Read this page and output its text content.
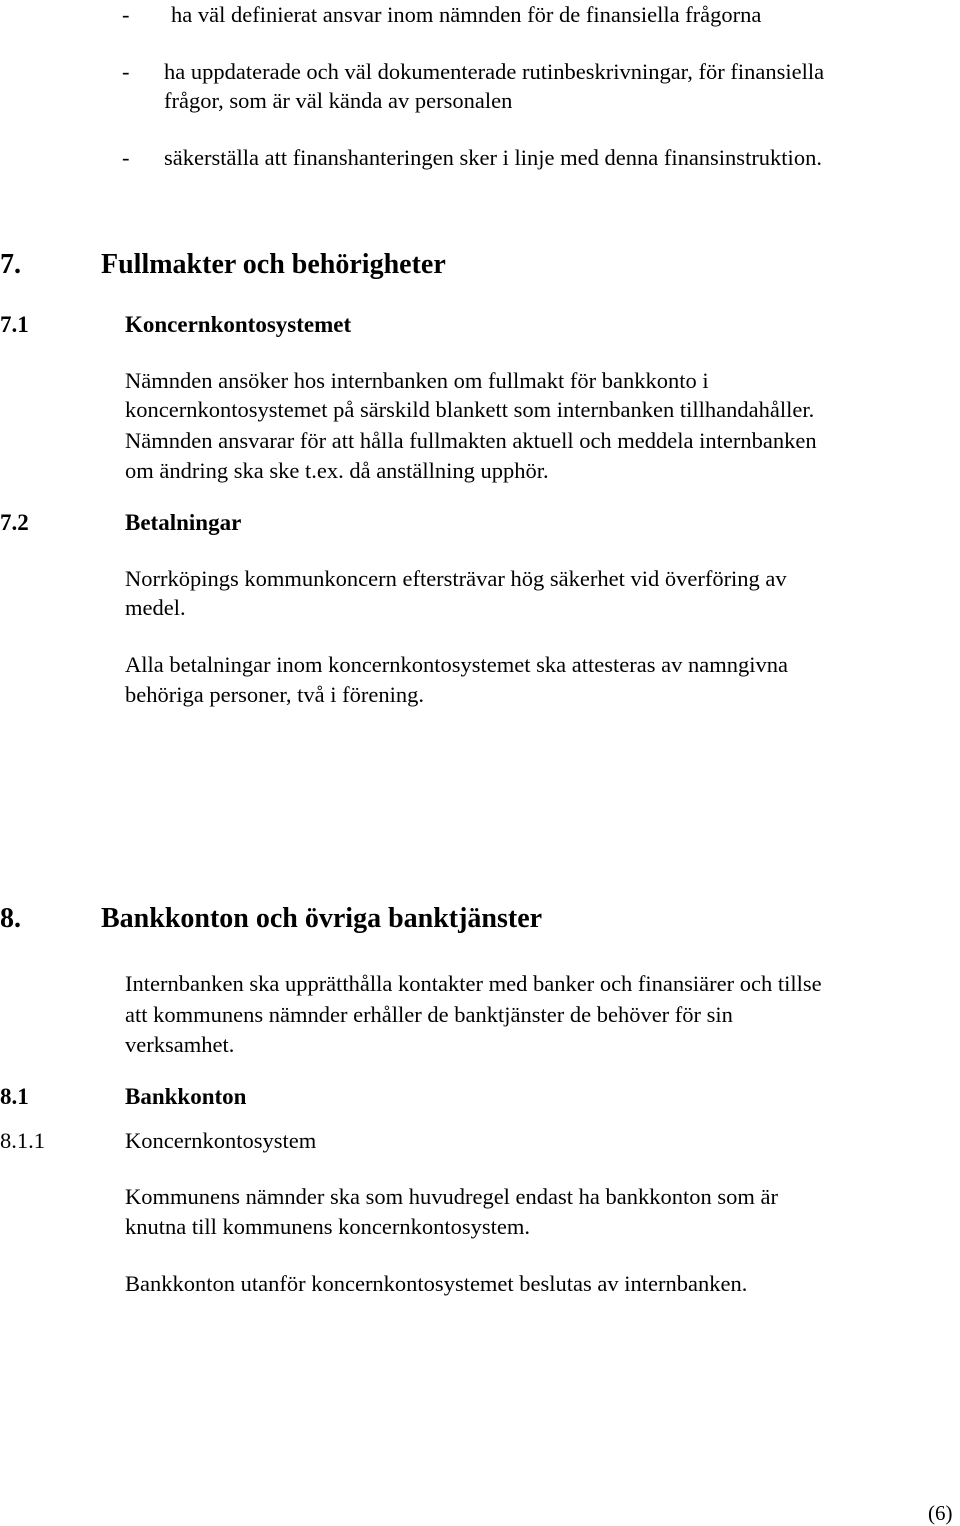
- ha väl definierat ansvar inom nämnden för de finansiella frågorna
- ha uppdaterade och väl dokumenterade rutinbeskrivningar, för finansiella
frågor, som är väl kända av personalen
- säkerställa att finanshanteringen sker i linje med denna finansinstruktion.
7.	Fullmakter och behörigheter
7.1	Koncernkontosystemet
Nämnden ansöker hos internbanken om fullmakt för bankkonto i
koncernkontosystemet på särskild blankett som internbanken tillhandahåller.
Nämnden ansvarar för att hålla fullmakten aktuell och meddela internbanken
om ändring ska ske t.ex. då anställning upphör.
7.2	Betalningar
Norrköpings kommunkoncern eftersträvar hög säkerhet vid överföring av
medel.
Alla betalningar inom koncernkontosystemet ska attesteras av namngivna
behöriga personer, två i förening.
8.	Bankkonton och övriga banktjänster
Internbanken ska upprätthålla kontakter med banker och finansiärer och tillse
att kommunens nämnder erhåller de banktjänster de behöver för sin
verksamhet.
8.1	Bankkonton
8.1.1	Koncernkontosystem
Kommunens nämnder ska som huvudregel endast ha bankkonton som är
knutna till kommunens koncernkontosystem.
Bankkonton utanför koncernkontosystemet beslutas av internbanken.
(6)
